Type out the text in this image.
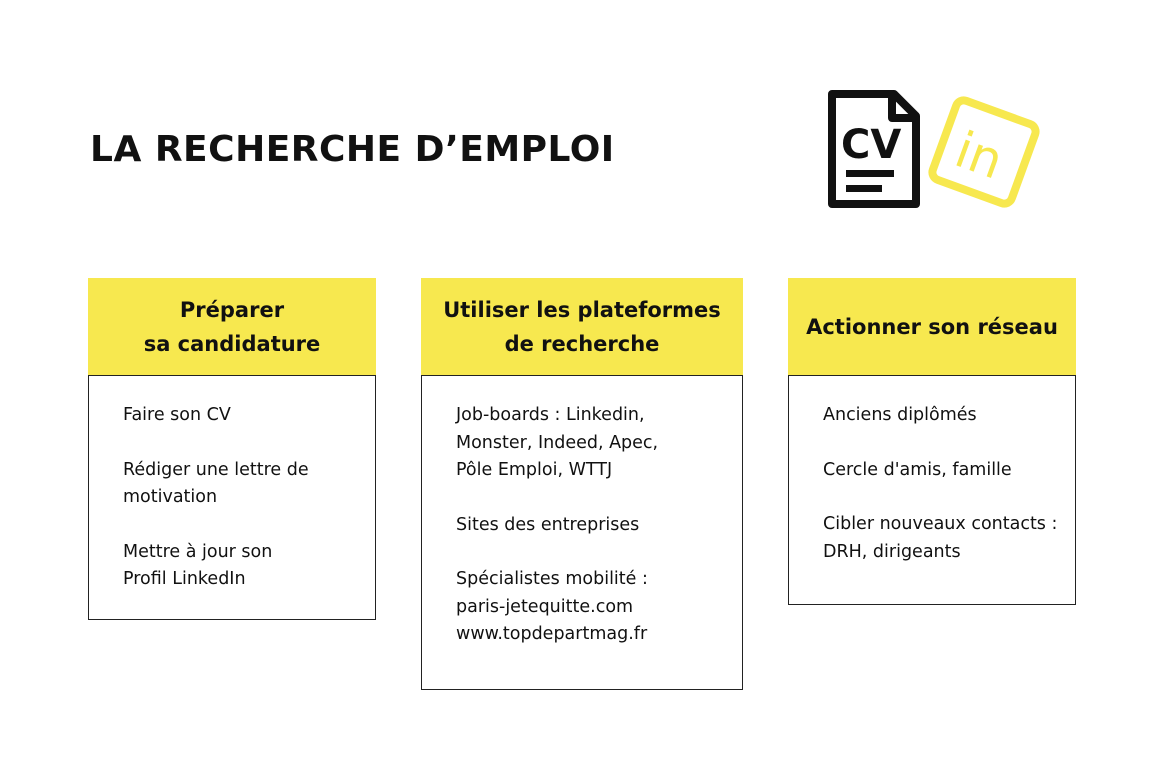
LA RECHERCHE D’EMPLOI	CV in
Préparer
sa candidature

Faire son CV

Rédiger une lettre de
motivation

Mettre à jour son
Profil LinkedIn

Utiliser les plateformes
de recherche

Job-boards : Linkedin,
Monster, Indeed, Apec,
Pôle Emploi, WTTJ

Sites des entreprises

Spécialistes mobilité :
paris-jetequitte.com
www.topdepartmag.fr

Actionner son réseau

Anciens diplômés

Cercle d'amis, famille

Cibler nouveaux contacts :
DRH, dirigeants
